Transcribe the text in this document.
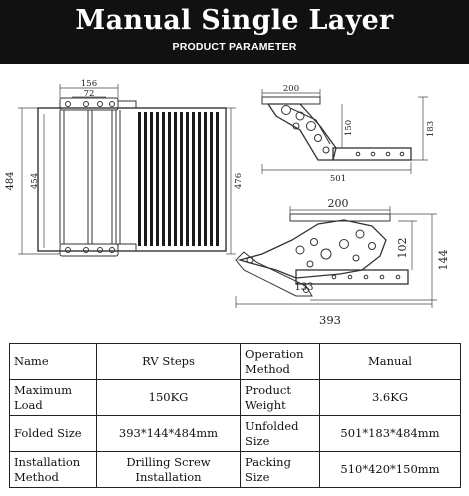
Manual Single Layer
PRODUCT PARAMETER
156
72
484 454	476
200
150	183
501
200
102
144
133
393
Name	RV Steps	Operation Method	Manual
Maximum Load	150KG	Product Weight	3.6KG
Folded Size	393*144*484mm	Unfolded Size	501*183*484mm
Installation Method	Drilling Screw Installation	Packing Size	510*420*150mm
